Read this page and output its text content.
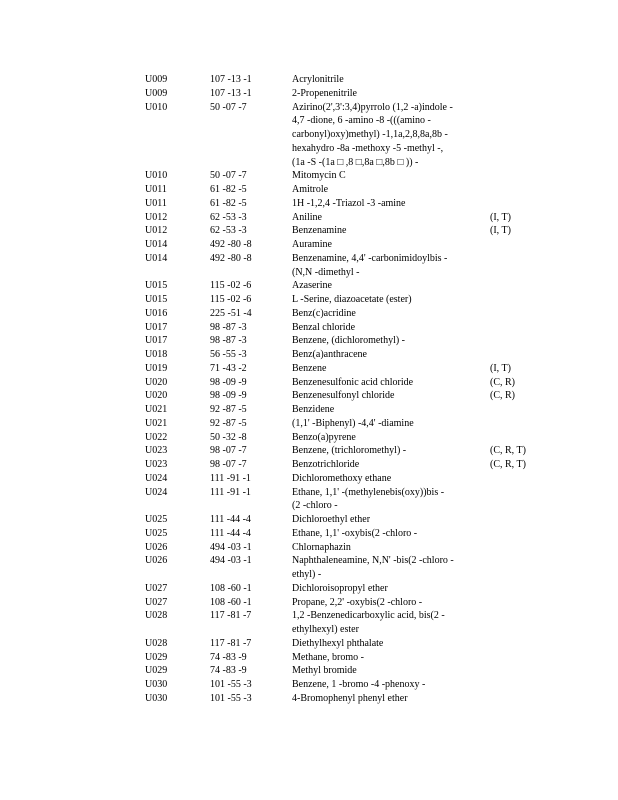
U009	107 -13 -1	Acrylonitrile
U009	107 -13 -1	2-Propenenitrile
U010	50 -07 -7	Azirino(2',3':3,4)pyrrolo (1,2 -a)indole -
4,7 -dione, 6 -amino -8 -(((amino -
carbonyl)oxy)methyl) -1,1a,2,8,8a,8b -
hexahydro -8a -methoxy -5 -methyl -,
(1a -S -(1a □ ,8 □,8a □,8b □ )) -
U010	50 -07 -7	Mitomycin C
U011	61 -82 -5	Amitrole
U011	61 -82 -5	1H -1,2,4 -Triazol -3 -amine
U012	62 -53 -3	Aniline	(I, T)
U012	62 -53 -3	Benzenamine	(I, T)
U014	492 -80 -8	Auramine
U014	492 -80 -8	Benzenamine, 4,4' -carbonimidoylbis -
(N,N -dimethyl -
U015	115 -02 -6	Azaserine
U015	115 -02 -6	L -Serine, diazoacetate (ester)
U016	225 -51 -4	Benz(c)acridine
U017	98 -87 -3	Benzal chloride
U017	98 -87 -3	Benzene, (dichloromethyl) -
U018	56 -55 -3	Benz(a)anthracene
U019	71 -43 -2	Benzene	(I, T)
U020	98 -09 -9	Benzenesulfonic acid chloride	(C, R)
U020	98 -09 -9	Benzenesulfonyl chloride	(C, R)
U021	92 -87 -5	Benzidene
U021	92 -87 -5	(1,1' -Biphenyl) -4,4' -diamine
U022	50 -32 -8	Benzo(a)pyrene
U023	98 -07 -7	Benzene, (trichloromethyl) -	(C, R, T)
U023	98 -07 -7	Benzotrichloride	(C, R, T)
U024	111 -91 -1	Dichloromethoxy ethane
U024	111 -91 -1	Ethane, 1,1' -(methylenebis(oxy))bis -
(2 -chloro -
U025	111 -44 -4	Dichloroethyl ether
U025	111 -44 -4	Ethane, 1,1' -oxybis(2 -chloro -
U026	494 -03 -1	Chlornaphazin
U026	494 -03 -1	Naphthaleneamine, N,N' -bis(2 -chloro -
ethyl) -
U027	108 -60 -1	Dichloroisopropyl ether
U027	108 -60 -1	Propane, 2,2' -oxybis(2 -chloro -
U028	117 -81 -7	1,2 -Benzenedicarboxylic acid, bis(2 -
ethylhexyl) ester
U028	117 -81 -7	Diethylhexyl phthalate
U029	74 -83 -9	Methane, bromo -
U029	74 -83 -9	Methyl bromide
U030	101 -55 -3	Benzene, 1 -bromo -4 -phenoxy -
U030	101 -55 -3	4-Bromophenyl phenyl ether
